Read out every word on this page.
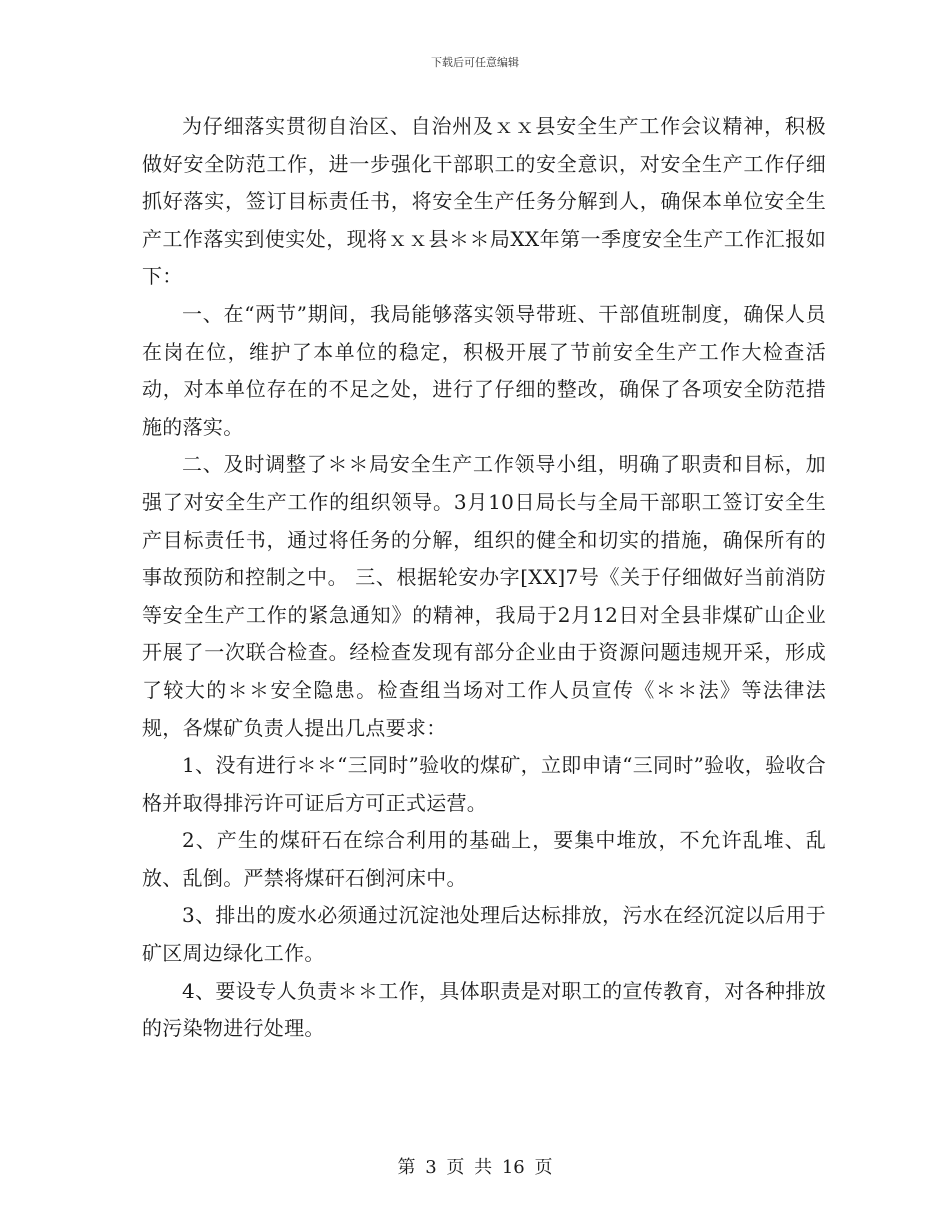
下载后可任意编辑

为仔细落实贯彻自治区、自治州及ｘｘ县安全生产工作会议精神，积极做好安全防范工作，进一步强化干部职工的安全意识，对安全生产工作仔细抓好落实，签订目标责任书，将安全生产任务分解到人，确保本单位安全生产工作落实到使实处，现将ｘｘ县＊＊局XX年第一季度安全生产工作汇报如下：

一、在“两节”期间，我局能够落实领导带班、干部值班制度，确保人员在岗在位，维护了本单位的稳定，积极开展了节前安全生产工作大检查活动，对本单位存在的不足之处，进行了仔细的整改，确保了各项安全防范措施的落实。

二、及时调整了＊＊局安全生产工作领导小组，明确了职责和目标，加强了对安全生产工作的组织领导。3月10日局长与全局干部职工签订安全生产目标责任书，通过将任务的分解，组织的健全和切实的措施，确保所有的事故预防和控制之中。 三、根据轮安办字[XX]7号《关于仔细做好当前消防等安全生产工作的紧急通知》的精神，我局于2月12日对全县非煤矿山企业开展了一次联合检查。经检查发现有部分企业由于资源问题违规开采，形成了较大的＊＊安全隐患。检查组当场对工作人员宣传《＊＊法》等法律法规，各煤矿负责人提出几点要求：

1、没有进行＊＊“三同时”验收的煤矿，立即申请“三同时”验收，验收合格并取得排污许可证后方可正式运营。

2、产生的煤矸石在综合利用的基础上，要集中堆放，不允许乱堆、乱放、乱倒。严禁将煤矸石倒河床中。

3、排出的废水必须通过沉淀池处理后达标排放，污水在经沉淀以后用于矿区周边绿化工作。

4、要设专人负责＊＊工作，具体职责是对职工的宣传教育，对各种排放的污染物进行处理。

第 3 页 共 16 页
